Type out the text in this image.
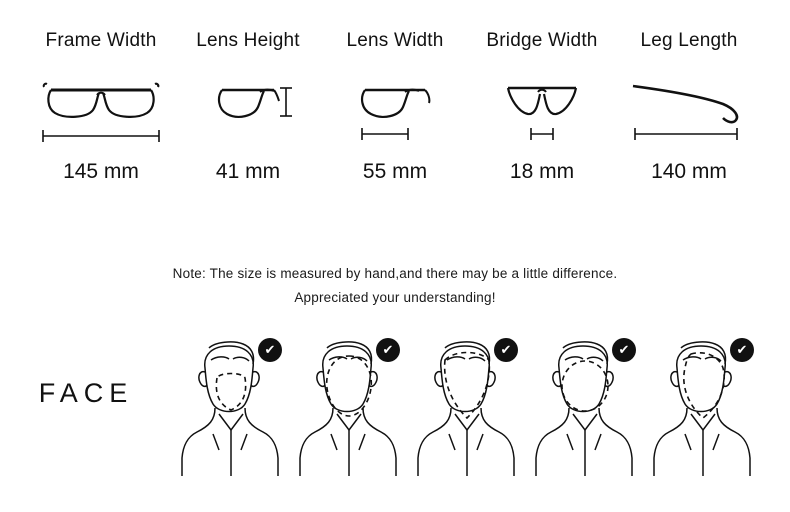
Frame Width
145 mm
Lens Height
41 mm
Lens Width
55 mm
Bridge Width
18 mm
Leg Length
140 mm
Note: The size is measured by hand,and there may be a little difference.
Appreciated your understanding!
FACE
✔	✔	✔	✔	✔
